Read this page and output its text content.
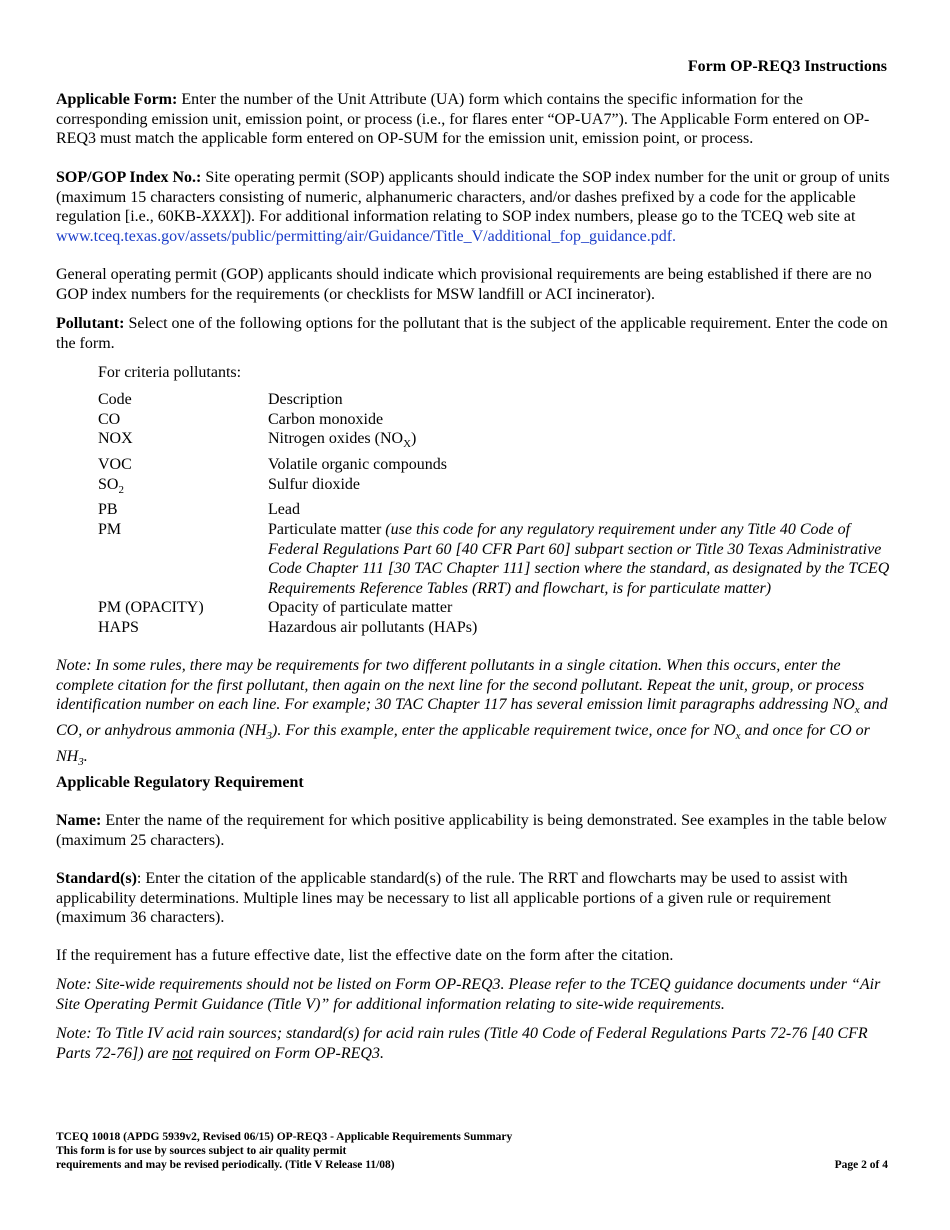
Form OP-REQ3 Instructions

Applicable Form: Enter the number of the Unit Attribute (UA) form which contains the specific information for the corresponding emission unit, emission point, or process (i.e., for flares enter “OP-UA7”). The Applicable Form entered on OP-REQ3 must match the applicable form entered on OP-SUM for the emission unit, emission point, or process.

SOP/GOP Index No.: Site operating permit (SOP) applicants should indicate the SOP index number for the unit or group of units (maximum 15 characters consisting of numeric, alphanumeric characters, and/or dashes prefixed by a code for the applicable regulation [i.e., 60KB-XXXX]). For additional information relating to SOP index numbers, please go to the TCEQ web site at www.tceq.texas.gov/assets/public/permitting/air/Guidance/Title_V/additional_fop_guidance.pdf.

General operating permit (GOP) applicants should indicate which provisional requirements are being established if there are no GOP index numbers for the requirements (or checklists for MSW landfill or ACI incinerator).

Pollutant: Select one of the following options for the pollutant that is the subject of the applicable requirement. Enter the code on the form.

For criteria pollutants:
Code	Description
CO	Carbon monoxide
NOX	Nitrogen oxides $(NO_X)$
VOC	Volatile organic compounds
$SO_2$	Sulfur dioxide
PB	Lead
PM	Particulate matter (use this code for any regulatory requirement under any Title 40 Code of Federal Regulations Part 60 [40 CFR Part 60] subpart section or Title 30 Texas Administrative Code Chapter 111 [30 TAC Chapter 111] section where the standard, as designated by the TCEQ Requirements Reference Tables (RRT) and flowchart, is for particulate matter)
PM (OPACITY)	Opacity of particulate matter
HAPS	Hazardous air pollutants (HAPs)

Note: In some rules, there may be requirements for two different pollutants in a single citation. When this occurs, enter the complete citation for the first pollutant, then again on the next line for the second pollutant. Repeat the unit, group, or process identification number on each line. For example; 30 TAC Chapter 117 has several emission limit paragraphs addressing $NO_x$ and CO, or anhydrous ammonia $(NH_3)$. For this example, enter the applicable requirement twice, once for $NO_x$ and once for CO or $NH_3$.

Applicable Regulatory Requirement

Name: Enter the name of the requirement for which positive applicability is being demonstrated. See examples in the table below (maximum 25 characters).

Standard(s): Enter the citation of the applicable standard(s) of the rule. The RRT and flowcharts may be used to assist with applicability determinations. Multiple lines may be necessary to list all applicable portions of a given rule or requirement (maximum 36 characters).

If the requirement has a future effective date, list the effective date on the form after the citation.

Note: Site-wide requirements should not be listed on Form OP-REQ3. Please refer to the TCEQ guidance documents under “Air Site Operating Permit Guidance (Title V)” for additional information relating to site-wide requirements.

Note: To Title IV acid rain sources; standard(s) for acid rain rules (Title 40 Code of Federal Regulations Parts 72-76 [40 CFR Parts 72-76]) are not required on Form OP-REQ3.

TCEQ 10018 (APDG 5939v2, Revised 06/15) OP-REQ3 - Applicable Requirements Summary
This form is for use by sources subject to air quality permit
requirements and may be revised periodically. (Title V Release 11/08)	Page 2 of 4
